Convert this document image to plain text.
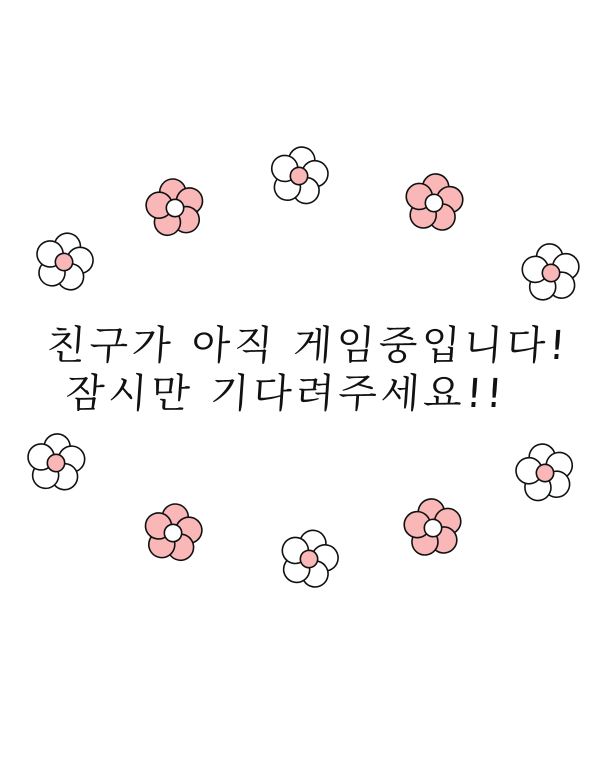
친구가 아직 게임중입니다!
잠시만 기다려주세요!!
